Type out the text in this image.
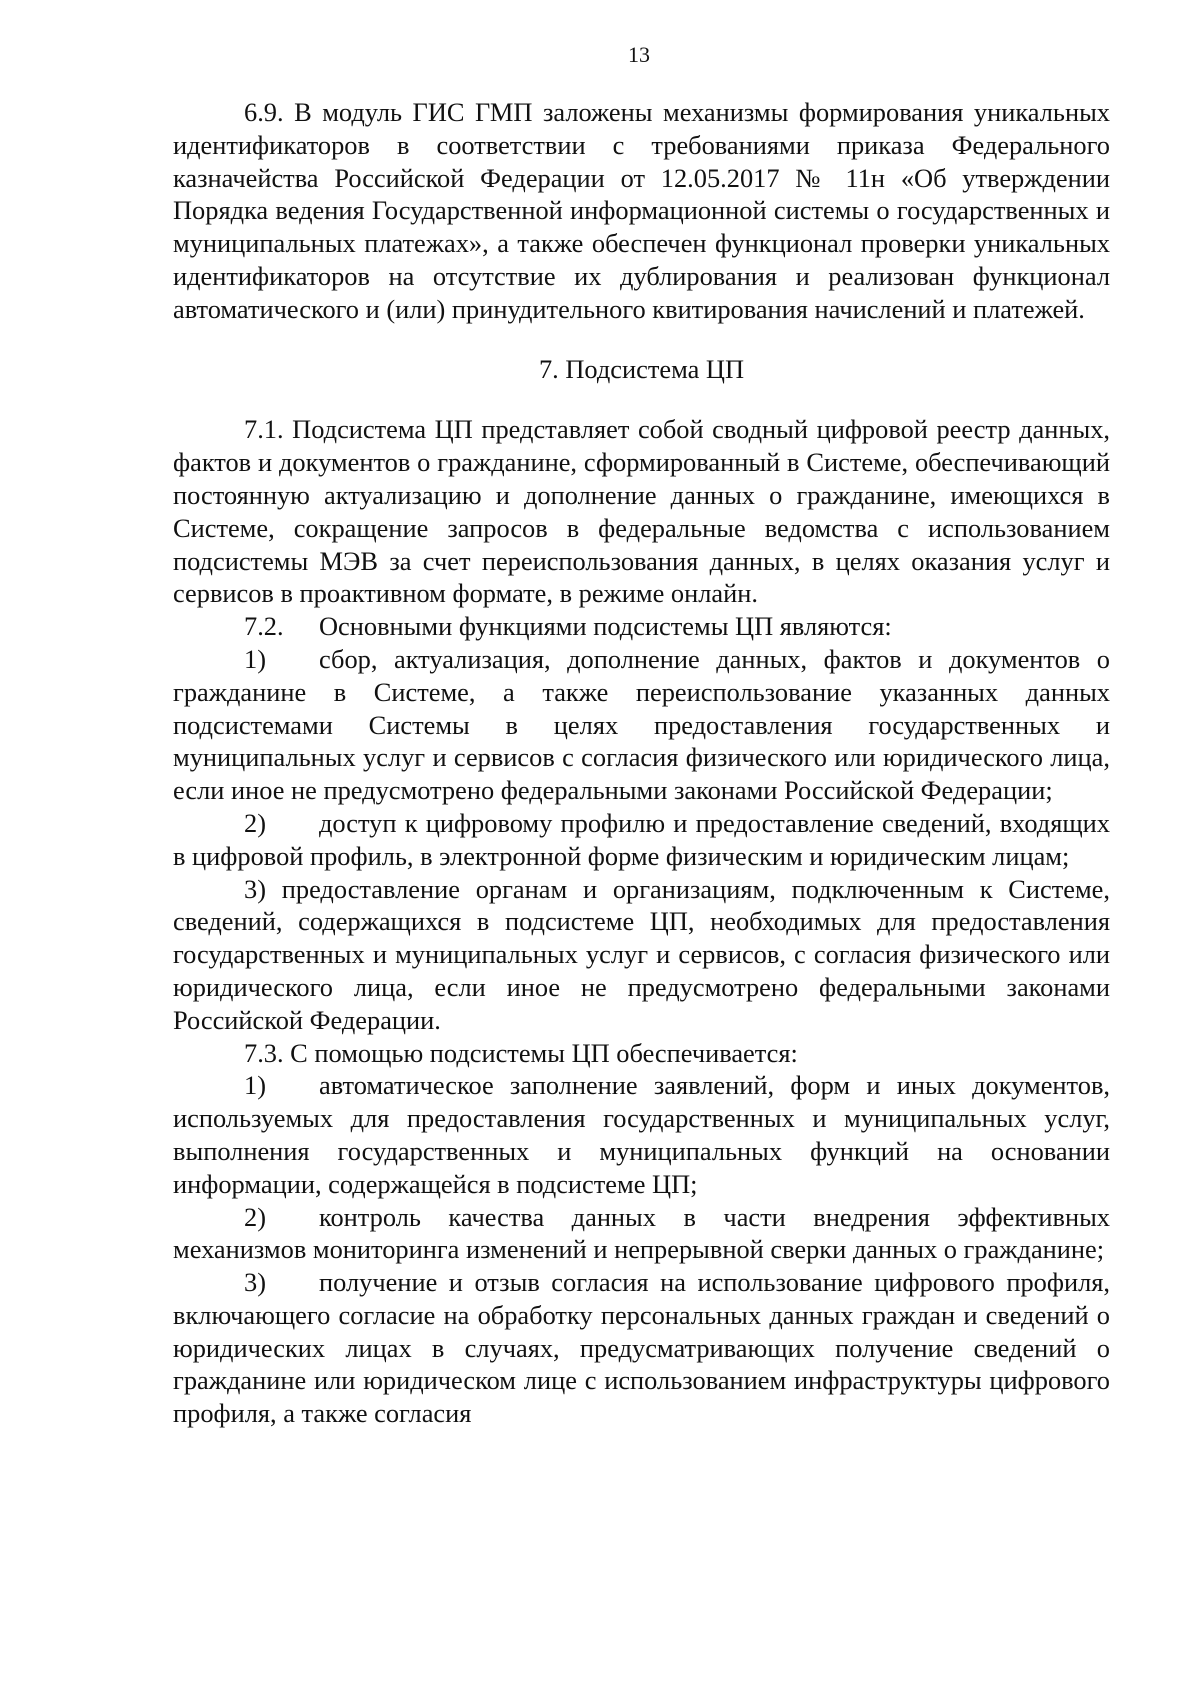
13

6.9. В модуль ГИС ГМП заложены механизмы формирования уникальных идентификаторов в соответствии с требованиями приказа Федерального казначейства Российской Федерации от 12.05.2017 № 11н «Об утверждении Порядка ведения Государственной информационной системы о государственных и муниципальных платежах», а также обеспечен функционал проверки уникальных идентификаторов на отсутствие их дублирования и реализован функционал автоматического и (или) принудительного квитирования начислений и платежей.

7. Подсистема ЦП

7.1. Подсистема ЦП представляет собой сводный цифровой реестр данных, фактов и документов о гражданине, сформированный в Системе, обеспечивающий постоянную актуализацию и дополнение данных о гражданине, имеющихся в Системе, сокращение запросов в федеральные ведомства с использованием подсистемы МЭВ за счет переиспользования данных, в целях оказания услуг и сервисов в проактивном формате, в режиме онлайн.

7.2. Основными функциями подсистемы ЦП являются:

1) сбор, актуализация, дополнение данных, фактов и документов о гражданине в Системе, а также переиспользование указанных данных подсистемами Системы в целях предоставления государственных и муниципальных услуг и сервисов с согласия физического или юридического лица, если иное не предусмотрено федеральными законами Российской Федерации;

2) доступ к цифровому профилю и предоставление сведений, входящих в цифровой профиль, в электронной форме физическим и юридическим лицам;

3) предоставление органам и организациям, подключенным к Системе, сведений, содержащихся в подсистеме ЦП, необходимых для предоставления государственных и муниципальных услуг и сервисов, с согласия физического или юридического лица, если иное не предусмотрено федеральными законами Российской Федерации.

7.3. С помощью подсистемы ЦП обеспечивается:

1) автоматическое заполнение заявлений, форм и иных документов, используемых для предоставления государственных и муниципальных услуг, выполнения государственных и муниципальных функций на основании информации, содержащейся в подсистеме ЦП;

2) контроль качества данных в части внедрения эффективных механизмов мониторинга изменений и непрерывной сверки данных о гражданине;

3) получение и отзыв согласия на использование цифрового профиля, включающего согласие на обработку персональных данных граждан и сведений о юридических лицах в случаях, предусматривающих получение сведений о гражданине или юридическом лице с использованием инфраструктуры цифрового профиля, а также согласия
